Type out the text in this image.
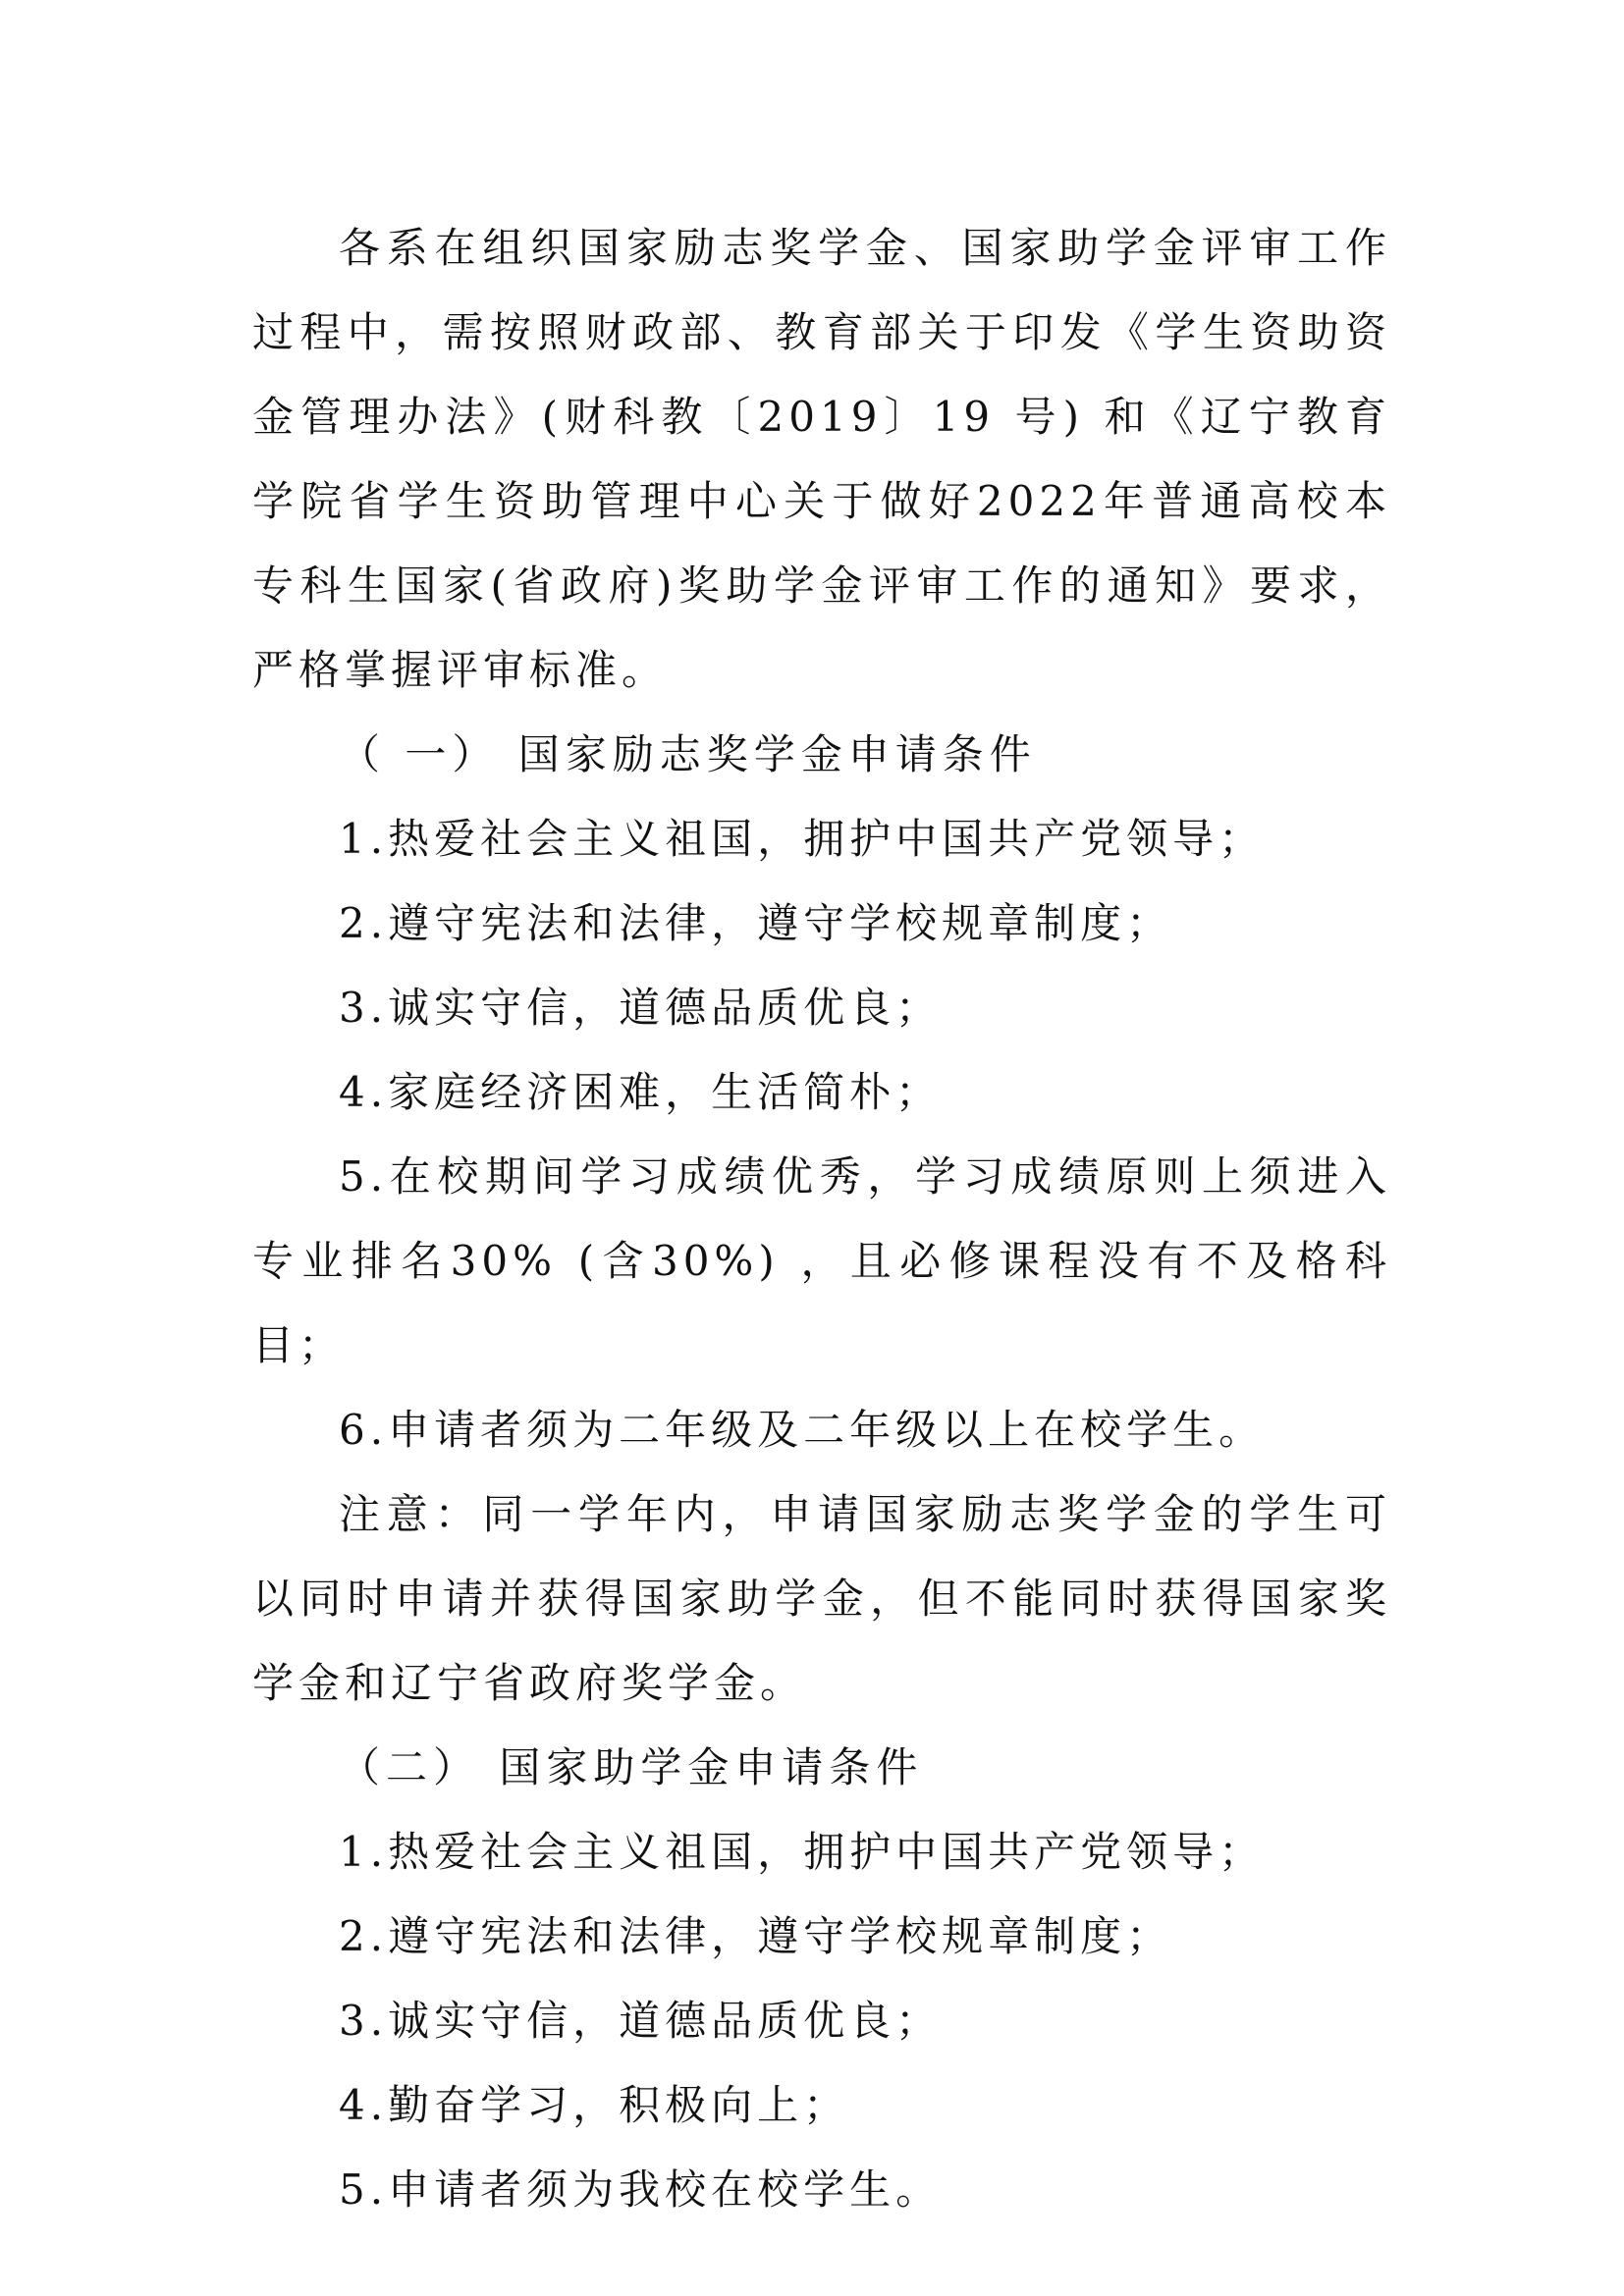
各系在组织国家励志奖学金、国家助学金评审工作过程中，需按照财政部、教育部关于印发《学生资助资金管理办法》(财科教〔2019〕19 号) 和《辽宁教育学院省学生资助管理中心关于做好2022年普通高校本专科生国家(省政府)奖助学金评审工作的通知》要求，严格掌握评审标准。

（ 一） 国家励志奖学金申请条件

1.热爱社会主义祖国，拥护中国共产党领导；

2.遵守宪法和法律，遵守学校规章制度；

3.诚实守信，道德品质优良；

4.家庭经济困难，生活简朴；

5.在校期间学习成绩优秀，学习成绩原则上须进入专业排名30% (含30%) ，且必修课程没有不及格科目；

6.申请者须为二年级及二年级以上在校学生。

注意：同一学年内，申请国家励志奖学金的学生可以同时申请并获得国家助学金，但不能同时获得国家奖学金和辽宁省政府奖学金。

（二） 国家助学金申请条件

1.热爱社会主义祖国，拥护中国共产党领导；

2.遵守宪法和法律，遵守学校规章制度；

3.诚实守信，道德品质优良；

4.勤奋学习，积极向上；

5.申请者须为我校在校学生。
